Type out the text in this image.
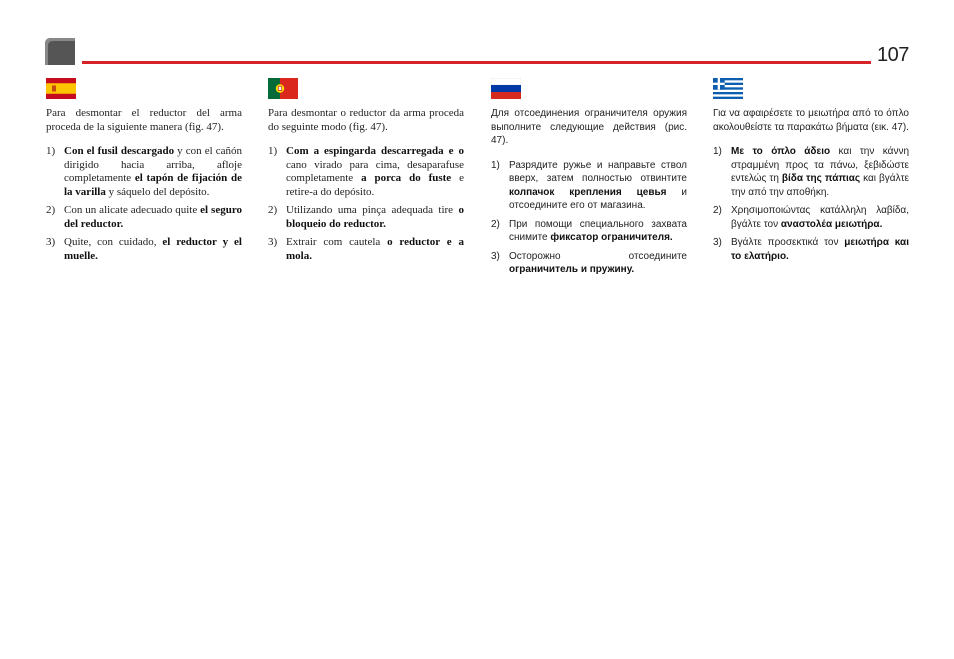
107

Para desmontar el reductor del arma proceda de la siguiente manera (fig. 47).

1) Con el fusil descargado y con el cañón dirigido hacia arriba, afloje completamente el tapón de fijación de la varilla y sáquelo del depósito.
2) Con un alicate adecuado quite el seguro del reductor.
3) Quite, con cuidado, el reductor y el muelle.

Para desmontar o reductor da arma proceda do seguinte modo (fig. 47).

1) Com a espingarda descarregada e o cano virado para cima, desaparafuse completamente a porca do fuste e retire-a do depósito.
2) Utilizando uma pinça adequada tire o bloqueio do reductor.
3) Extrair com cautela o reductor e a mola.

Для отсоединения ограничителя оружия выполните следующие действия (рис. 47).

1) Разрядите ружье и направьте ствол вверх, затем полностью отвинтите колпачок крепления цевья и отсоедините его от магазина.
2) При помощи специального захвата снимите фиксатор ограничителя.
3) Осторожно отсоедините ограничитель и пружину.

Για να αφαιρέσετε το μειωτήρα από το όπλο ακολουθείστε τα παρακάτω βήματα (εικ. 47).

1) Με το όπλο άδειο και την κάννη στραμμένη προς τα πάνω, ξεβιδώστε εντελώς τη βίδα της πάπιας και βγάλτε την από την αποθήκη.
2) Χρησιμοποιώντας κατάλληλη λαβίδα, βγάλτε τον αναστολέα μειωτήρα.
3) Βγάλτε προσεκτικά τον μειωτήρα και το ελατήριο.
